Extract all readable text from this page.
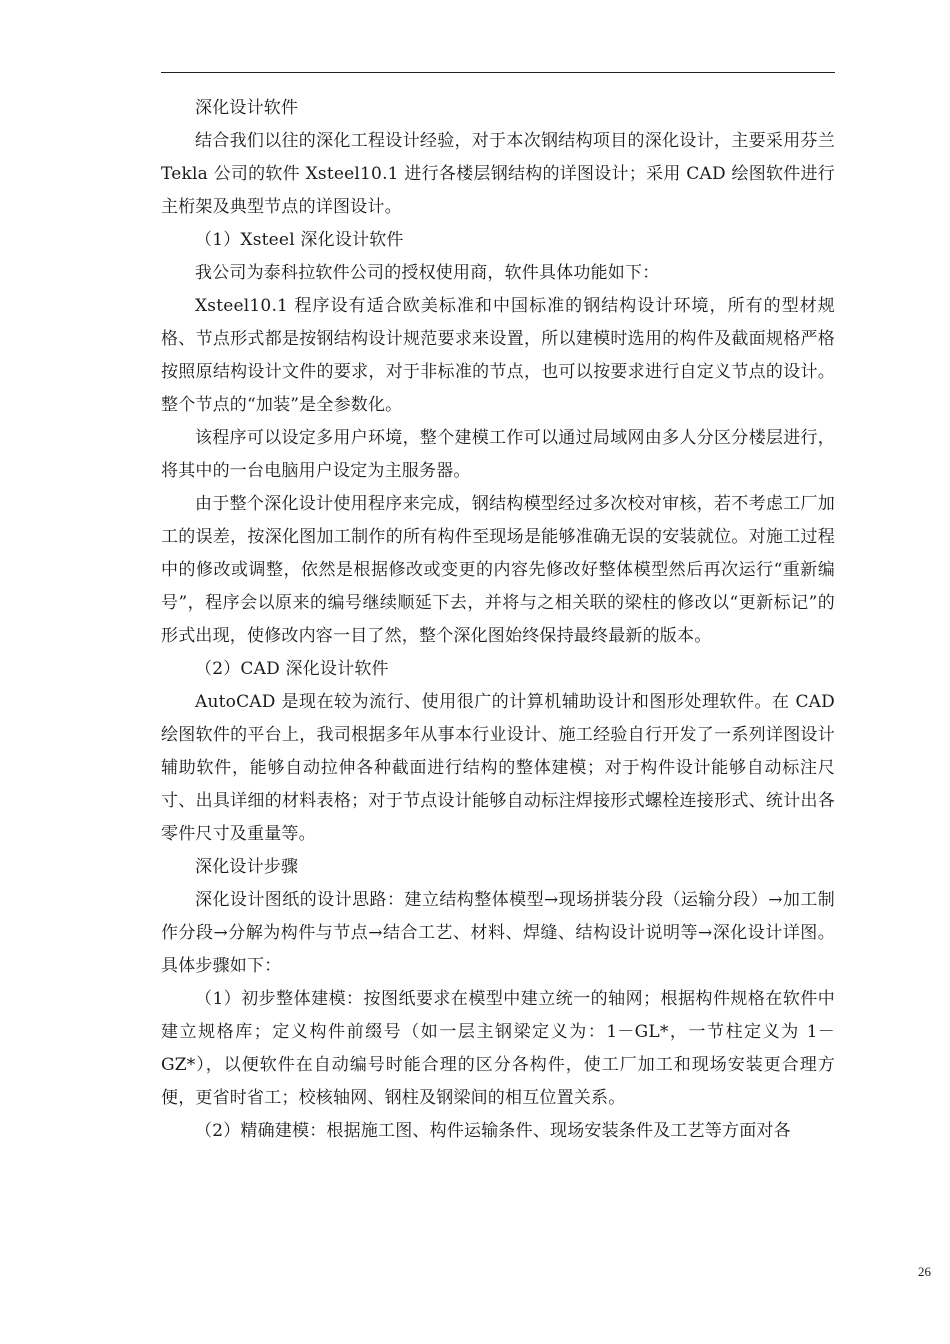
深化设计软件

结合我们以往的深化工程设计经验，对于本次钢结构项目的深化设计，主要采用芬兰 Tekla 公司的软件 Xsteel10.1 进行各楼层钢结构的详图设计；采用 CAD 绘图软件进行主桁架及典型节点的详图设计。

（1）Xsteel 深化设计软件

我公司为泰科拉软件公司的授权使用商，软件具体功能如下：

Xsteel10.1 程序设有适合欧美标准和中国标准的钢结构设计环境，所有的型材规格、节点形式都是按钢结构设计规范要求来设置，所以建模时选用的构件及截面规格严格按照原结构设计文件的要求，对于非标准的节点，也可以按要求进行自定义节点的设计。整个节点的“加装”是全参数化。

该程序可以设定多用户环境，整个建模工作可以通过局域网由多人分区分楼层进行，将其中的一台电脑用户设定为主服务器。

由于整个深化设计使用程序来完成，钢结构模型经过多次校对审核，若不考虑工厂加工的误差，按深化图加工制作的所有构件至现场是能够准确无误的安装就位。对施工过程中的修改或调整，依然是根据修改或变更的内容先修改好整体模型然后再次运行“重新编号”，程序会以原来的编号继续顺延下去，并将与之相关联的梁柱的修改以“更新标记”的形式出现，使修改内容一目了然，整个深化图始终保持最终最新的版本。

（2）CAD 深化设计软件

AutoCAD 是现在较为流行、使用很广的计算机辅助设计和图形处理软件。在 CAD 绘图软件的平台上，我司根据多年从事本行业设计、施工经验自行开发了一系列详图设计辅助软件，能够自动拉伸各种截面进行结构的整体建模；对于构件设计能够自动标注尺寸、出具详细的材料表格；对于节点设计能够自动标注焊接形式螺栓连接形式、统计出各零件尺寸及重量等。

深化设计步骤

深化设计图纸的设计思路：建立结构整体模型→现场拼装分段（运输分段）→加工制作分段→分解为构件与节点→结合工艺、材料、焊缝、结构设计说明等→深化设计详图。具体步骤如下：

（1）初步整体建模：按图纸要求在模型中建立统一的轴网；根据构件规格在软件中建立规格库；定义构件前缀号（如一层主钢梁定义为：1－GL*，一节柱定义为 1－GZ*），以便软件在自动编号时能合理的区分各构件，使工厂加工和现场安装更合理方便，更省时省工；校核轴网、钢柱及钢梁间的相互位置关系。

（2）精确建模：根据施工图、构件运输条件、现场安装条件及工艺等方面对各

26
